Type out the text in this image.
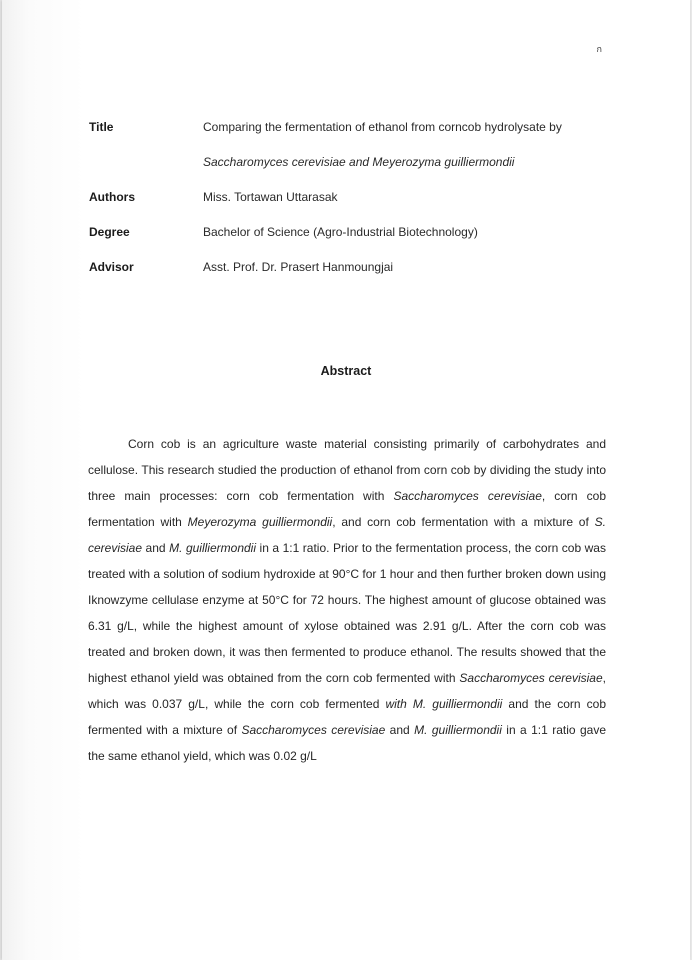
ก
Title	Comparing the fermentation of ethanol from corncob hydrolysate by
Saccharomyces cerevisiae and Meyerozyma guilliermondii
Authors	Miss. Tortawan Uttarasak
Degree	Bachelor of Science (Agro-Industrial Biotechnology)
Advisor	Asst. Prof. Dr. Prasert Hanmoungjai
Abstract

Corn cob is an agriculture waste material consisting primarily of carbohydrates and cellulose. This research studied the production of ethanol from corn cob by dividing the study into three main processes: corn cob fermentation with Saccharomyces cerevisiae, corn cob fermentation with Meyerozyma guilliermondii, and corn cob fermentation with a mixture of S. cerevisiae and M. guilliermondii in a 1:1 ratio. Prior to the fermentation process, the corn cob was treated with a solution of sodium hydroxide at 90°C for 1 hour and then further broken down using Iknowzyme cellulase enzyme at 50°C for 72 hours. The highest amount of glucose obtained was 6.31 g/L, while the highest amount of xylose obtained was 2.91 g/L. After the corn cob was treated and broken down, it was then fermented to produce ethanol. The results showed that the highest ethanol yield was obtained from the corn cob fermented with Saccharomyces cerevisiae, which was 0.037 g/L, while the corn cob fermented with M. guilliermondii and the corn cob fermented with a mixture of Saccharomyces cerevisiae and M. guilliermondii in a 1:1 ratio gave the same ethanol yield, which was 0.02 g/L
